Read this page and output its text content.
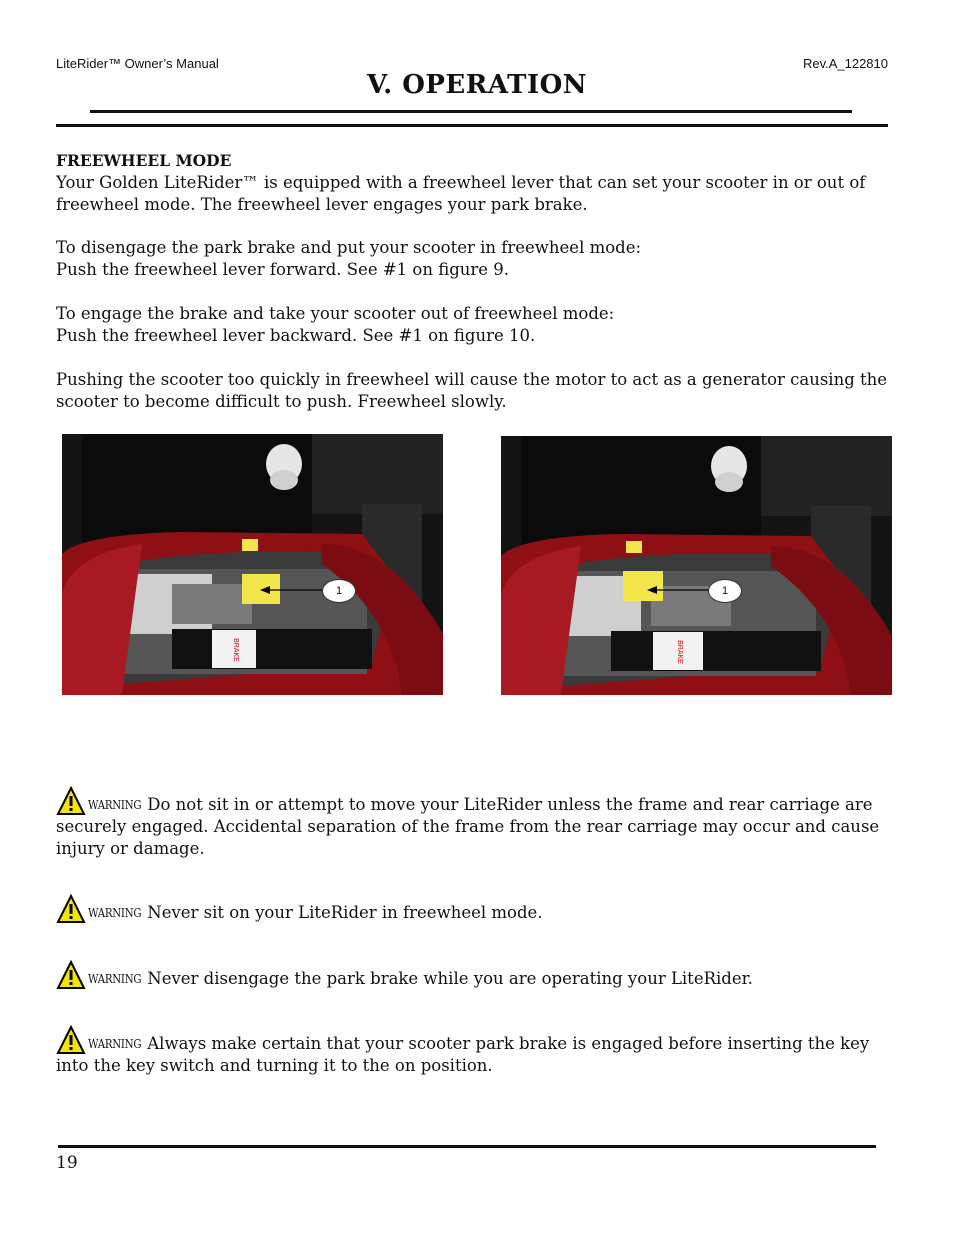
LiteRider™ Owner’s Manual	Rev.A_122810
V. OPERATION
FREEWHEEL MODE
Your Golden LiteRider™ is equipped with a freewheel lever that can set your scooter in or out of freewheel mode. The freewheel lever engages your park brake.
To disengage the park brake and put your scooter in freewheel mode:
Push the freewheel lever forward. See #1 on figure 9.
To engage the brake and take your scooter out of freewheel mode:
Push the freewheel lever backward. See #1 on figure 10.
Pushing the scooter too quickly in freewheel will cause the motor to act as a generator causing the scooter to become difficult to push. Freewheel slowly.
BRAKE
1
BRAKE
1
WARNING Do not sit in or attempt to move your LiteRider unless the frame and rear carriage are securely engaged. Accidental separation of the frame from the rear carriage may occur and cause injury or damage.
WARNING Never sit on your LiteRider in freewheel mode.
WARNING Never disengage the park brake while you are operating your LiteRider.
WARNING Always make certain that your scooter park brake is engaged before inserting the key into the key switch and turning it to the on position.
19
